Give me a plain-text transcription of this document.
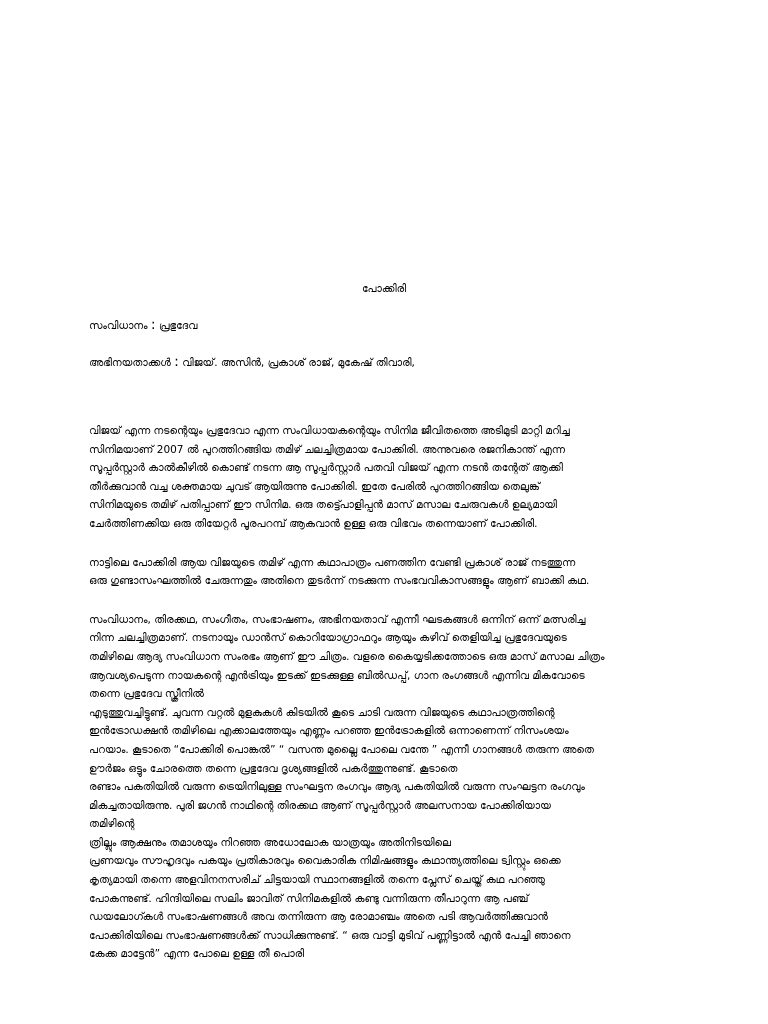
പോക്കിരി
സംവിധാനം : പ്രഭുദേവ
അഭിനയതാക്കൾ : വിജയ്. അസിൻ, പ്രകാശ് രാജ്, മുകേഷ് തിവാരി,
വിജയ് എന്ന നടന്റെയും പ്രഭുദേവാ എന്ന സംവിധായകന്റെയും സിനിമ ജീവിതത്തെ അടിമുടി മാറ്റി മറിച്ച
സിനിമയാണ് 2007 ൽ പുറത്തിറങ്ങിയ തമിഴ് ചലച്ചിത്രമായ പോക്കിരി. അന്നുവരെ രജനികാന്ത് എന്ന
സൂപ്പർസ്റ്റാർ കാൽകീഴിൽ കൊണ്ട് നടന്ന ആ സൂപ്പർസ്റ്റാർ പതവി വിജയ് എന്ന നടൻ തന്റേത് ആക്കി
തീർക്കുവാൻ വച്ച ശക്തമായ ചുവട് ആയിരുന്നു പോക്കിരി. ഇതേ പേരിൽ പുറത്തിറങ്ങിയ തെലുങ്ക്
സിനിമയുടെ തമിഴ് പതിപ്പാണ് ഈ സിനിമ. ഒരു തട്ട്പൊളിപ്പൻ മാസ് മസാല ചേരുവകൾ ഉല്യമായി
ചേർത്തിണക്കിയ ഒരു തിയേറ്റർ പൂരപറമ്പ് ആകവാൻ ഉള്ള ഒരു വിഭവം തന്നെയാണ് പോക്കിരി.
നാട്ടിലെ പോക്കിരി ആയ വിജയുടെ തമിഴ് എന്ന കഥാപാത്രം പണത്തിന വേണ്ടി പ്രകാശ് രാജ് നടത്തുന്ന
ഒരു ഗുണ്ടാസംഘത്തിൽ ചേരുന്നതും അതിനെ തുടർന്ന് നടക്കുന്ന സംഭവവികാസങ്ങളും ആണ് ബാക്കി കഥ.
സംവിധാനം, തിരക്കഥ, സംഗീതം, സംഭാഷണം, അഭിനയതാവ് എന്നീ ഘടകങ്ങൾ ഒന്നിന് ഒന്ന് മത്സരിച്ച
നിന്ന ചലച്ചിത്രമാണ്. നടനായും ഡാൻസ് കൊറിയോഗ്രാഫറും ആയും കഴിവ് തെളിയിച്ച പ്രഭുദേവയുടെ
തമിഴിലെ ആദ്യ സംവിധാന സംരഭം ആണ് ഈ ചിത്രം. വളരെ കൈയ്യടിക്കത്തോടെ ഒരു മാസ് മസാല ചിത്രം
ആവശ്യപെടുന്ന നായകന്റെ എൻട്രിയും ഇടക്ക് ഇടക്കുള്ള ബിൽഡപ്പ്, ഗാന രംഗങ്ങൾ എന്നിവ മികവോടെ
തന്നെ പ്രഭുദേവ സ്ക്രീനിൽ
എടുത്തുവച്ചിട്ടുണ്ട്. ചുവന്ന വറ്റൽ മുളകുകൾ കിടയിൽ കൂടെ ചാടി വരുന്ന വിജയുടെ കഥാപാത്രത്തിന്റെ
ഇൻട്രോഡക്ഷൻ തമിഴിലെ എക്കാലത്തേയും എണ്ണം പറഞ്ഞ ഇൻട്രോകളിൽ ഒന്നാണെന്ന് നിസംശയം
പറയാം. കൂടാതെ “പോക്കിരി പൊങ്കൽ” “ വസന്ത മുല്ലൈ പോലെ വന്തേ ” എന്നീ ഗാനങ്ങൾ തരുന്ന അതെ
ഊർജം ഒട്ടും ചോരത്തെ തന്നെ പ്രഭുദേവ ദൃശ്യങ്ങളിൽ പകർത്തുന്നുണ്ട്. കൂടാതെ
രണ്ടാം പകതിയിൽ വരുന്ന ട്രെയിനിലുള്ള സംഘട്ടന രംഗവും ആദ്യ പകതിയിൽ വരുന്ന സംഘട്ടന രംഗവും
മികച്ചതായിരുന്നു. പുരി ജഗൻ നാഥിന്റെ തിരക്കഥ ആണ് സൂപ്പർസ്റ്റാർ അലസനായ പോക്കിരിയായ
തമിഴിന്റെ
ത്രില്ലും ആക്ഷനും തമാശയും നിറഞ്ഞ അധോലോക യാത്രയും അതിനിടയിലെ
പ്രണയവും സൗഹൃദവും പകയും പ്രതികാരവും വൈകാരിക നിമിഷങ്ങളും കഥാന്ത്യത്തിലെ ട്വിസ്റ്റും ഒക്കെ
കൃത്യമായി തന്നെ അളവിനനസരിച് ചിട്ടയായി സ്ഥാനങ്ങളിൽ തന്നെ പ്ലേസ് ചെയ്ത് കഥ പറഞ്ഞു
പോകന്നുണ്ട്. ഹിന്ദിയിലെ സലിം ജാവിത് സിനിമകളിൽ കണ്ടു വന്നിരുന്ന തീപാറുന്ന ആ പഞ്ച്
ഡയലോഗ്കൾ സംഭാഷണങ്ങൾ അവ തന്നിരുന്ന ആ രോമാഞ്ചം അതെ പടി ആവർത്തിക്കുവാൻ
പോക്കിരിയിലെ സംഭാഷണങ്ങൾക്ക് സാധിക്കുന്നുണ്ട്. “ ഒരു വാട്ടി മുടിവ് പണ്ണിട്ടാൽ എൻ പേച്ചി ഞാനെ
കേക്ക മാട്ടേൻ” എന്ന പോലെ ഉള്ള തീ പൊരി
